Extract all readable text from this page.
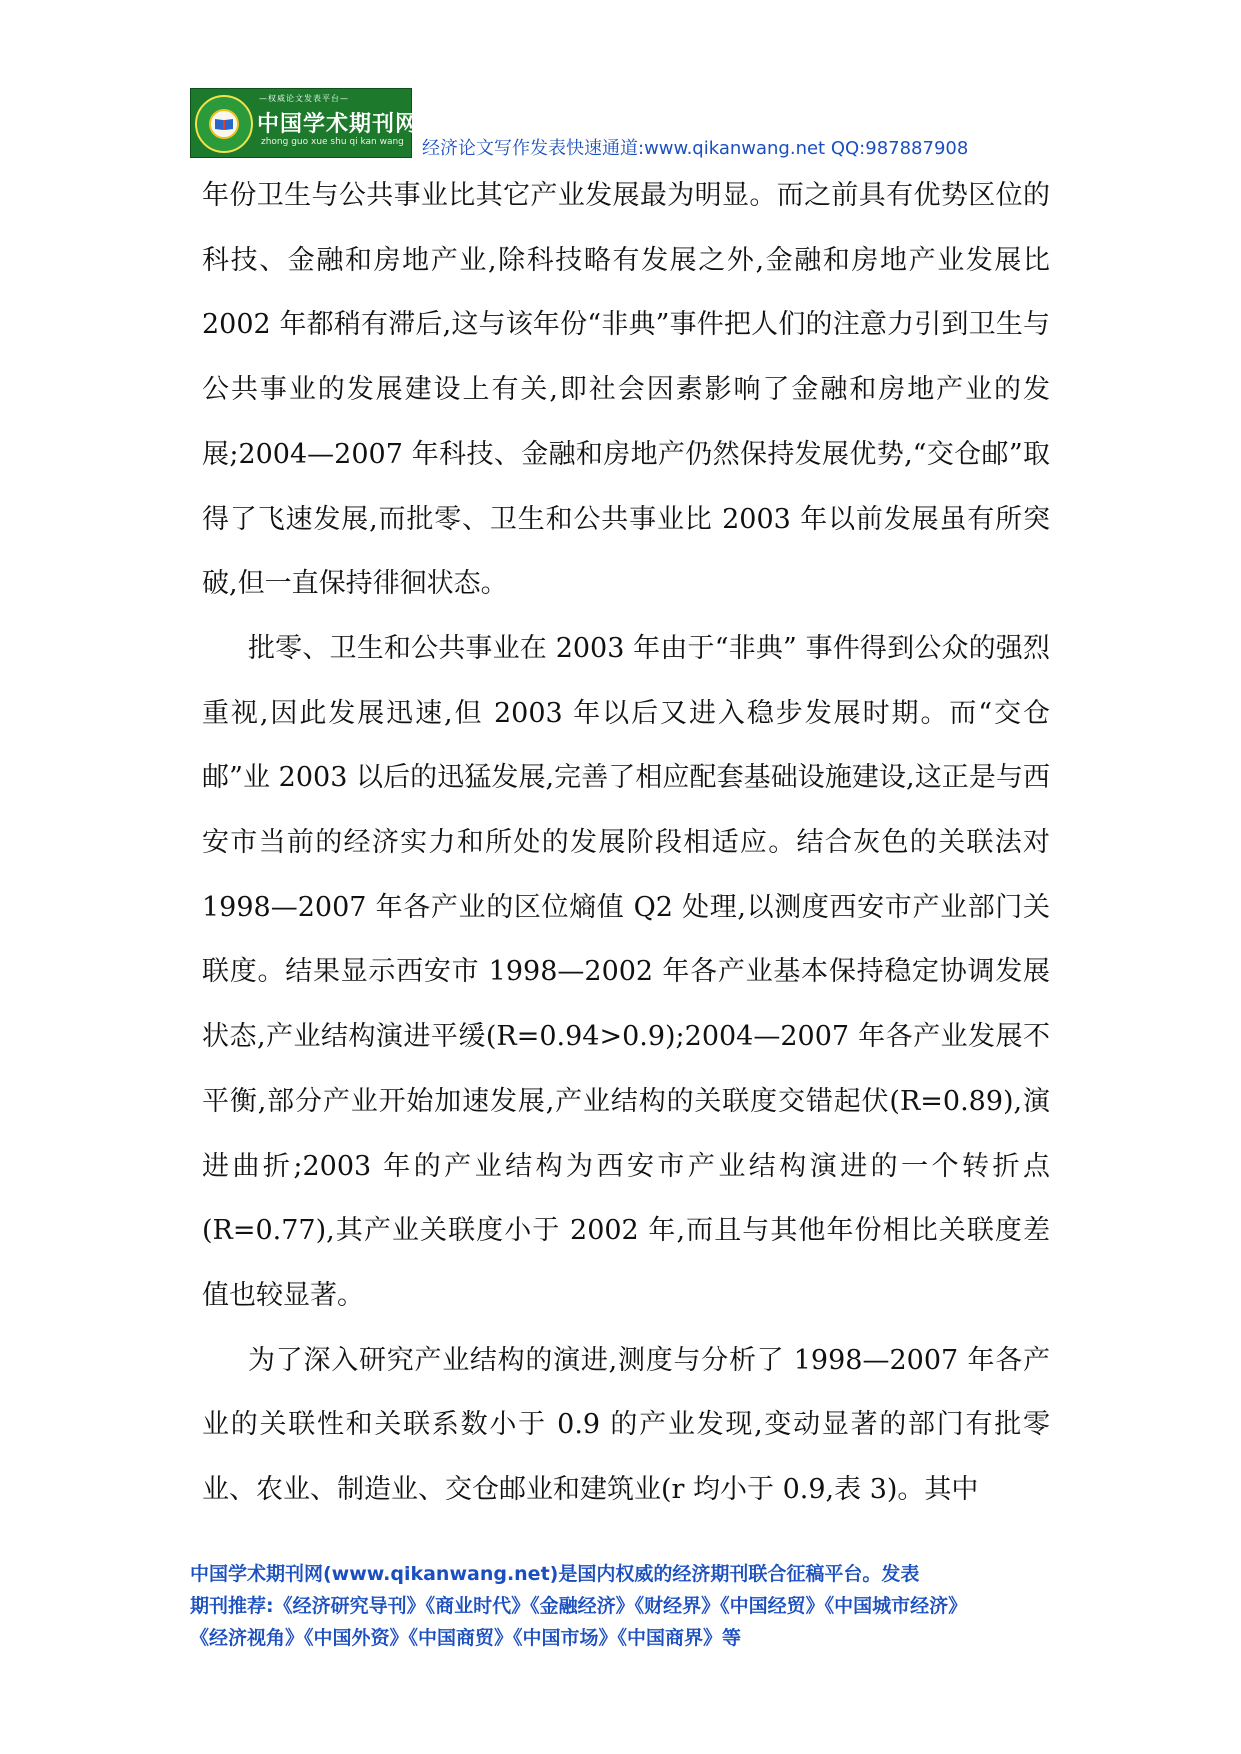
—权威论文发表平台—
中国学术期刊网
zhong guo xue shu qi kan wang 经济论文写作发表快速通道:www.qikanwang.net QQ:987887908

年份卫生与公共事业比其它产业发展最为明显。而之前具有优势区位的科技、金融和房地产业,除科技略有发展之外,金融和房地产业发展比 2002 年都稍有滞后,这与该年份“非典”事件把人们的注意力引到卫生与公共事业的发展建设上有关,即社会因素影响了金融和房地产业的发展;2004—2007 年科技、金融和房地产仍然保持发展优势,“交仓邮”取得了飞速发展,而批零、卫生和公共事业比 2003 年以前发展虽有所突破,但一直保持徘徊状态。

批零、卫生和公共事业在 2003 年由于“非典” 事件得到公众的强烈重视,因此发展迅速,但 2003 年以后又进入稳步发展时期。而“交仓邮”业 2003 以后的迅猛发展,完善了相应配套基础设施建设,这正是与西安市当前的经济实力和所处的发展阶段相适应。结合灰色的关联法对 1998—2007 年各产业的区位熵值 Q2 处理,以测度西安市产业部门关联度。结果显示西安市 1998—2002 年各产业基本保持稳定协调发展状态,产业结构演进平缓(R=0.94>0.9);2004—2007 年各产业发展不平衡,部分产业开始加速发展,产业结构的关联度交错起伏(R=0.89),演进曲折;2003 年的产业结构为西安市产业结构演进的一个转折点(R=0.77),其产业关联度小于 2002 年,而且与其他年份相比关联度差值也较显著。

为了深入研究产业结构的演进,测度与分析了 1998—2007 年各产业的关联性和关联系数小于 0.9 的产业发现,变动显著的部门有批零业、农业、制造业、交仓邮业和建筑业(r 均小于 0.9,表 3)。其中

中国学术期刊网(www.qikanwang.net)是国内权威的经济期刊联合征稿平台。发表

期刊推荐:《经济研究导刊》《商业时代》《金融经济》《财经界》《中国经贸》《中国城市经济》

《经济视角》《中国外资》《中国商贸》《中国市场》《中国商界》等
